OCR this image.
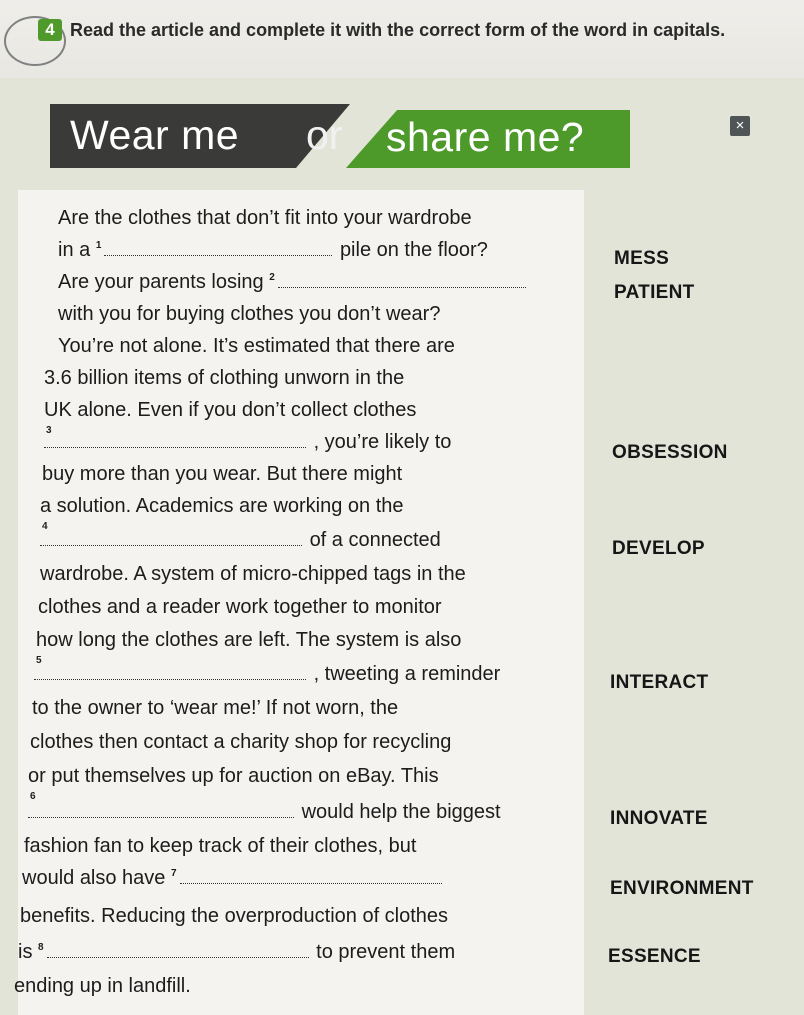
4 Read the article and complete it with the correct form of the word in capitals.
Wear me or share me?	×
Are the clothes that don’t fit into your wardrobe
in a $^1$	pile on the floor?
Are your parents losing $^2$
with you for buying clothes you don’t wear?
You’re not alone. It’s estimated that there are
3.6 billion items of clothing unworn in the
UK alone. Even if you don’t collect clothes
3
, you’re likely to
buy more than you wear. But there might
a solution. Academics are working on the
4
of a connected
wardrobe. A system of micro-chipped tags in the
clothes and a reader work together to monitor
how long the clothes are left. The system is also
5
, tweeting a reminder
to the owner to ‘wear me!’ If not worn, the
clothes then contact a charity shop for recycling
or put themselves up for auction on eBay. This
6
would help the biggest
fashion fan to keep track of their clothes, but
would also have $^7$
benefits. Reducing the overproduction of clothes
is $^8$	to prevent them
ending up in landfill.
MESS
PATIENT
OBSESSION
DEVELOP
INTERACT
INNOVATE
ENVIRONMENT
ESSENCE
